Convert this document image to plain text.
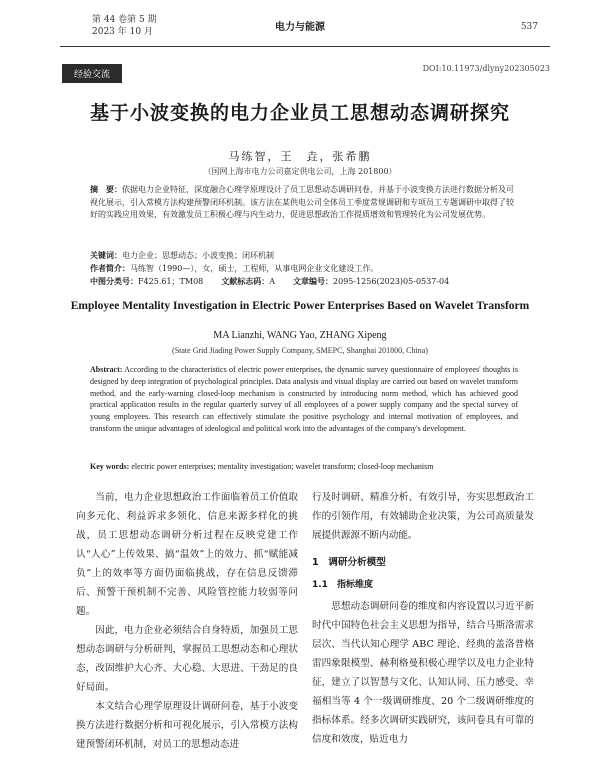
第 44 卷第 5 期
2023 年 10 月	电力与能源	537
经验交流
DOI:10.11973/dlyny202305023
基于小波变换的电力企业员工思想动态调研探究
马练智，王　垚，张希鹏
（国网上海市电力公司嘉定供电公司，上海 201800）
摘　要：依据电力企业特征，深度融合心理学原理设计了员工思想动态调研问卷，并基于小波变换方法进行数据分析及可视化展示，引入常模方法构建预警闭环机制。该方法在某供电公司全体员工季度常规调研和专项员工专题调研中取得了较好的实践应用效果，有效激发员工积极心理与内生动力，促进思想政治工作提质增效和管理转化为公司发展优势。
关键词：电力企业；思想动态；小波变换；闭环机制
作者简介：马练智（1990—），女，硕士，工程师，从事电网企业文化建设工作。
中图分类号：F425.61；TM08 文献标志码：A 文章编号：2095-1256(2023)05-0537-04
Employee Mentality Investigation in Electric Power Enterprises Based on Wavelet Transform
MA Lianzhi, WANG Yao, ZHANG Xipeng
(State Grid Jiading Power Supply Company, SMEPC, Shanghai 201800, China)
Abstract: According to the characteristics of electric power enterprises, the dynamic survey questionnaire of employees' thoughts is designed by deep integration of psychological principles. Data analysis and visual display are carried out based on wavelet transform method, and the early-warning closed-loop mechanism is constructed by introducing norm method, which has achieved good practical application results in the regular quarterly survey of all employees of a power supply company and the special survey of young employees. This research can effectively stimulate the positive psychology and internal motivation of employees, and transform the unique advantages of ideological and political work into the advantages of the company's development.
Key words: electric power enterprises; mentality investigation; wavelet transform; closed-loop mechanism

当前，电力企业思想政治工作面临着员工价值取向多元化、利益诉求多领化、信息来源多样化的挑战，员工思想动态调研分析过程在反映党建工作认“人心”上传效果、搞“温效”上的效力、抓“赋能减负”上的效率等方面仍面临挑战，存在信息反馈滞后、预警干预机制不完善、风险管控能力较弱等问题。

因此，电力企业必须结合自身特质，加强员工思想动态调研与分析研判，掌握员工思想动态和心理状态，改固维护大心齐、大心稳、大思进、干劲足的良好局面。

本文结合心理学原理设计调研问卷，基于小波变换方法进行数据分析和可视化展示，引入常模方法构建预警闭环机制，对员工的思想动态进

行及时调研、精准分析、有效引导，夯实思想政治工作的引领作用，有效辅助企业决策，为公司高质量发展提供源源不断内动能。

1　调研分析模型
1.1　指标维度

思想动态调研问卷的维度和内容设置以习近平新时代中国特色社会主义思想为指导，结合马斯洛需求层次、当代认知心理学 ABC 理论、经典的盖洛普格雷四象限模型、赫利格曼积极心理学以及电力企业特征，建立了以智慧与文化、认知认同、压力感受、幸福相当等 4 个一级调研维度、20 个二级调研维度的指标体系。经多次调研实践研究，该问卷具有可靠的信度和效度，贴近电力
